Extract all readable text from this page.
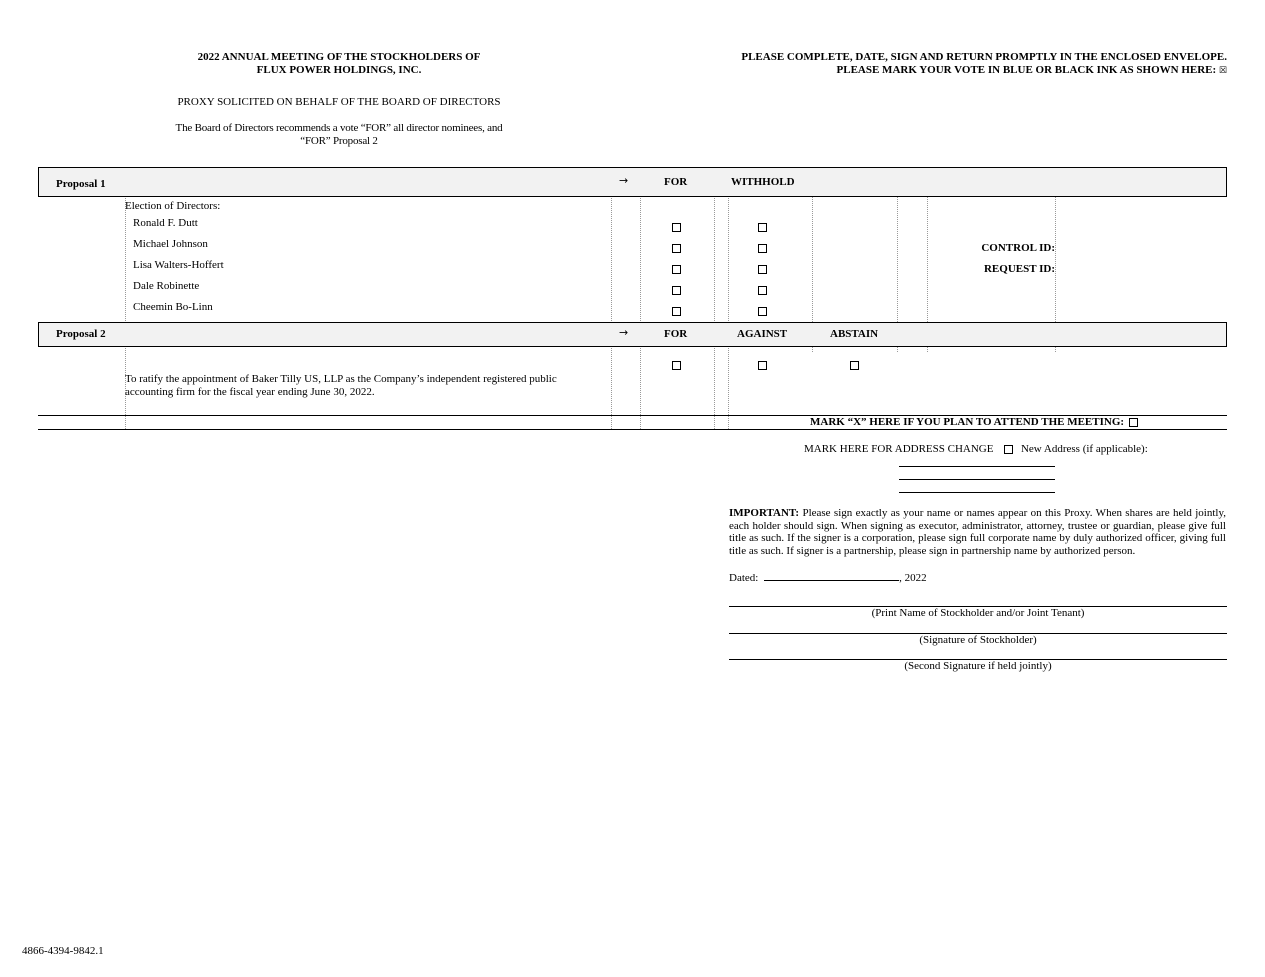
2022 ANNUAL MEETING OF THE STOCKHOLDERS OF
FLUX POWER HOLDINGS, INC.
PROXY SOLICITED ON BEHALF OF THE BOARD OF DIRECTORS
The Board of Directors recommends a vote “FOR” all director nominees, and
“FOR” Proposal 2
PLEASE COMPLETE, DATE, SIGN AND RETURN PROMPTLY IN THE ENCLOSED ENVELOPE.
PLEASE MARK YOUR VOTE IN BLUE OR BLACK INK AS SHOWN HERE: ☒
Proposal 1	→	FOR	WITHHOLD
Election of Directors:
Ronald F. Dutt
Michael Johnson
Lisa Walters-Hoffert
Dale Robinette
Cheemin Bo-Linn
CONTROL ID:
REQUEST ID:
Proposal 2	→	FOR	AGAINST	ABSTAIN
To ratify the appointment of Baker Tilly US, LLP as the Company’s independent registered public
accounting firm for the fiscal year ending June 30, 2022.
MARK “X” HERE IF YOU PLAN TO ATTEND THE MEETING:
MARK HERE FOR ADDRESS CHANGE	New Address (if applicable):
IMPORTANT: Please sign exactly as your name or names appear on this Proxy. When shares are held jointly, each holder should sign. When signing as executor, administrator, attorney, trustee or guardian, please give full title as such. If the signer is a corporation, please sign full corporate name by duly authorized officer, giving full title as such. If signer is a partnership, please sign in partnership name by authorized person.
Dated:	, 2022
(Print Name of Stockholder and/or Joint Tenant)
(Signature of Stockholder)
(Second Signature if held jointly)
4866-4394-9842.1
